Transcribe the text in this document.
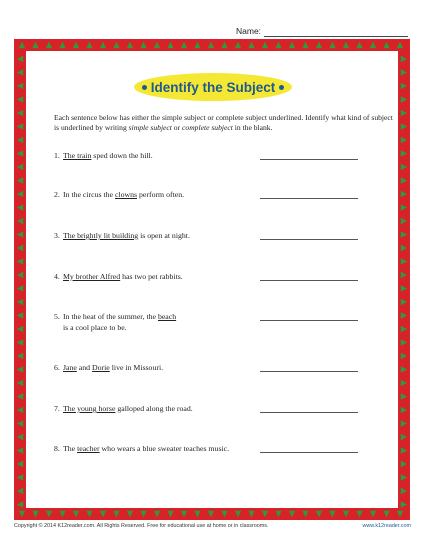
Name:
Identify the Subject
Each sentence below has either the simple subject or complete subject underlined. Identify what kind of subject is underlined by writing simple subject or complete subject in the blank.
1. The train sped down the hill.
2. In the circus the clowns perform often.
3. The brightly lit building is open at night.
4. My brother Alfred has two pet rabbits.
5. In the heat of the summer, the beach
is a cool place to be.
6. Jane and Dorie live in Missouri.
7. The young horse galloped along the road.
8. The teacher who wears a blue sweater teaches music.
Copyright © 2014 K12reader.com. All Rights Reserved. Free for educational use at home or in classrooms.	www.k12reader.com
